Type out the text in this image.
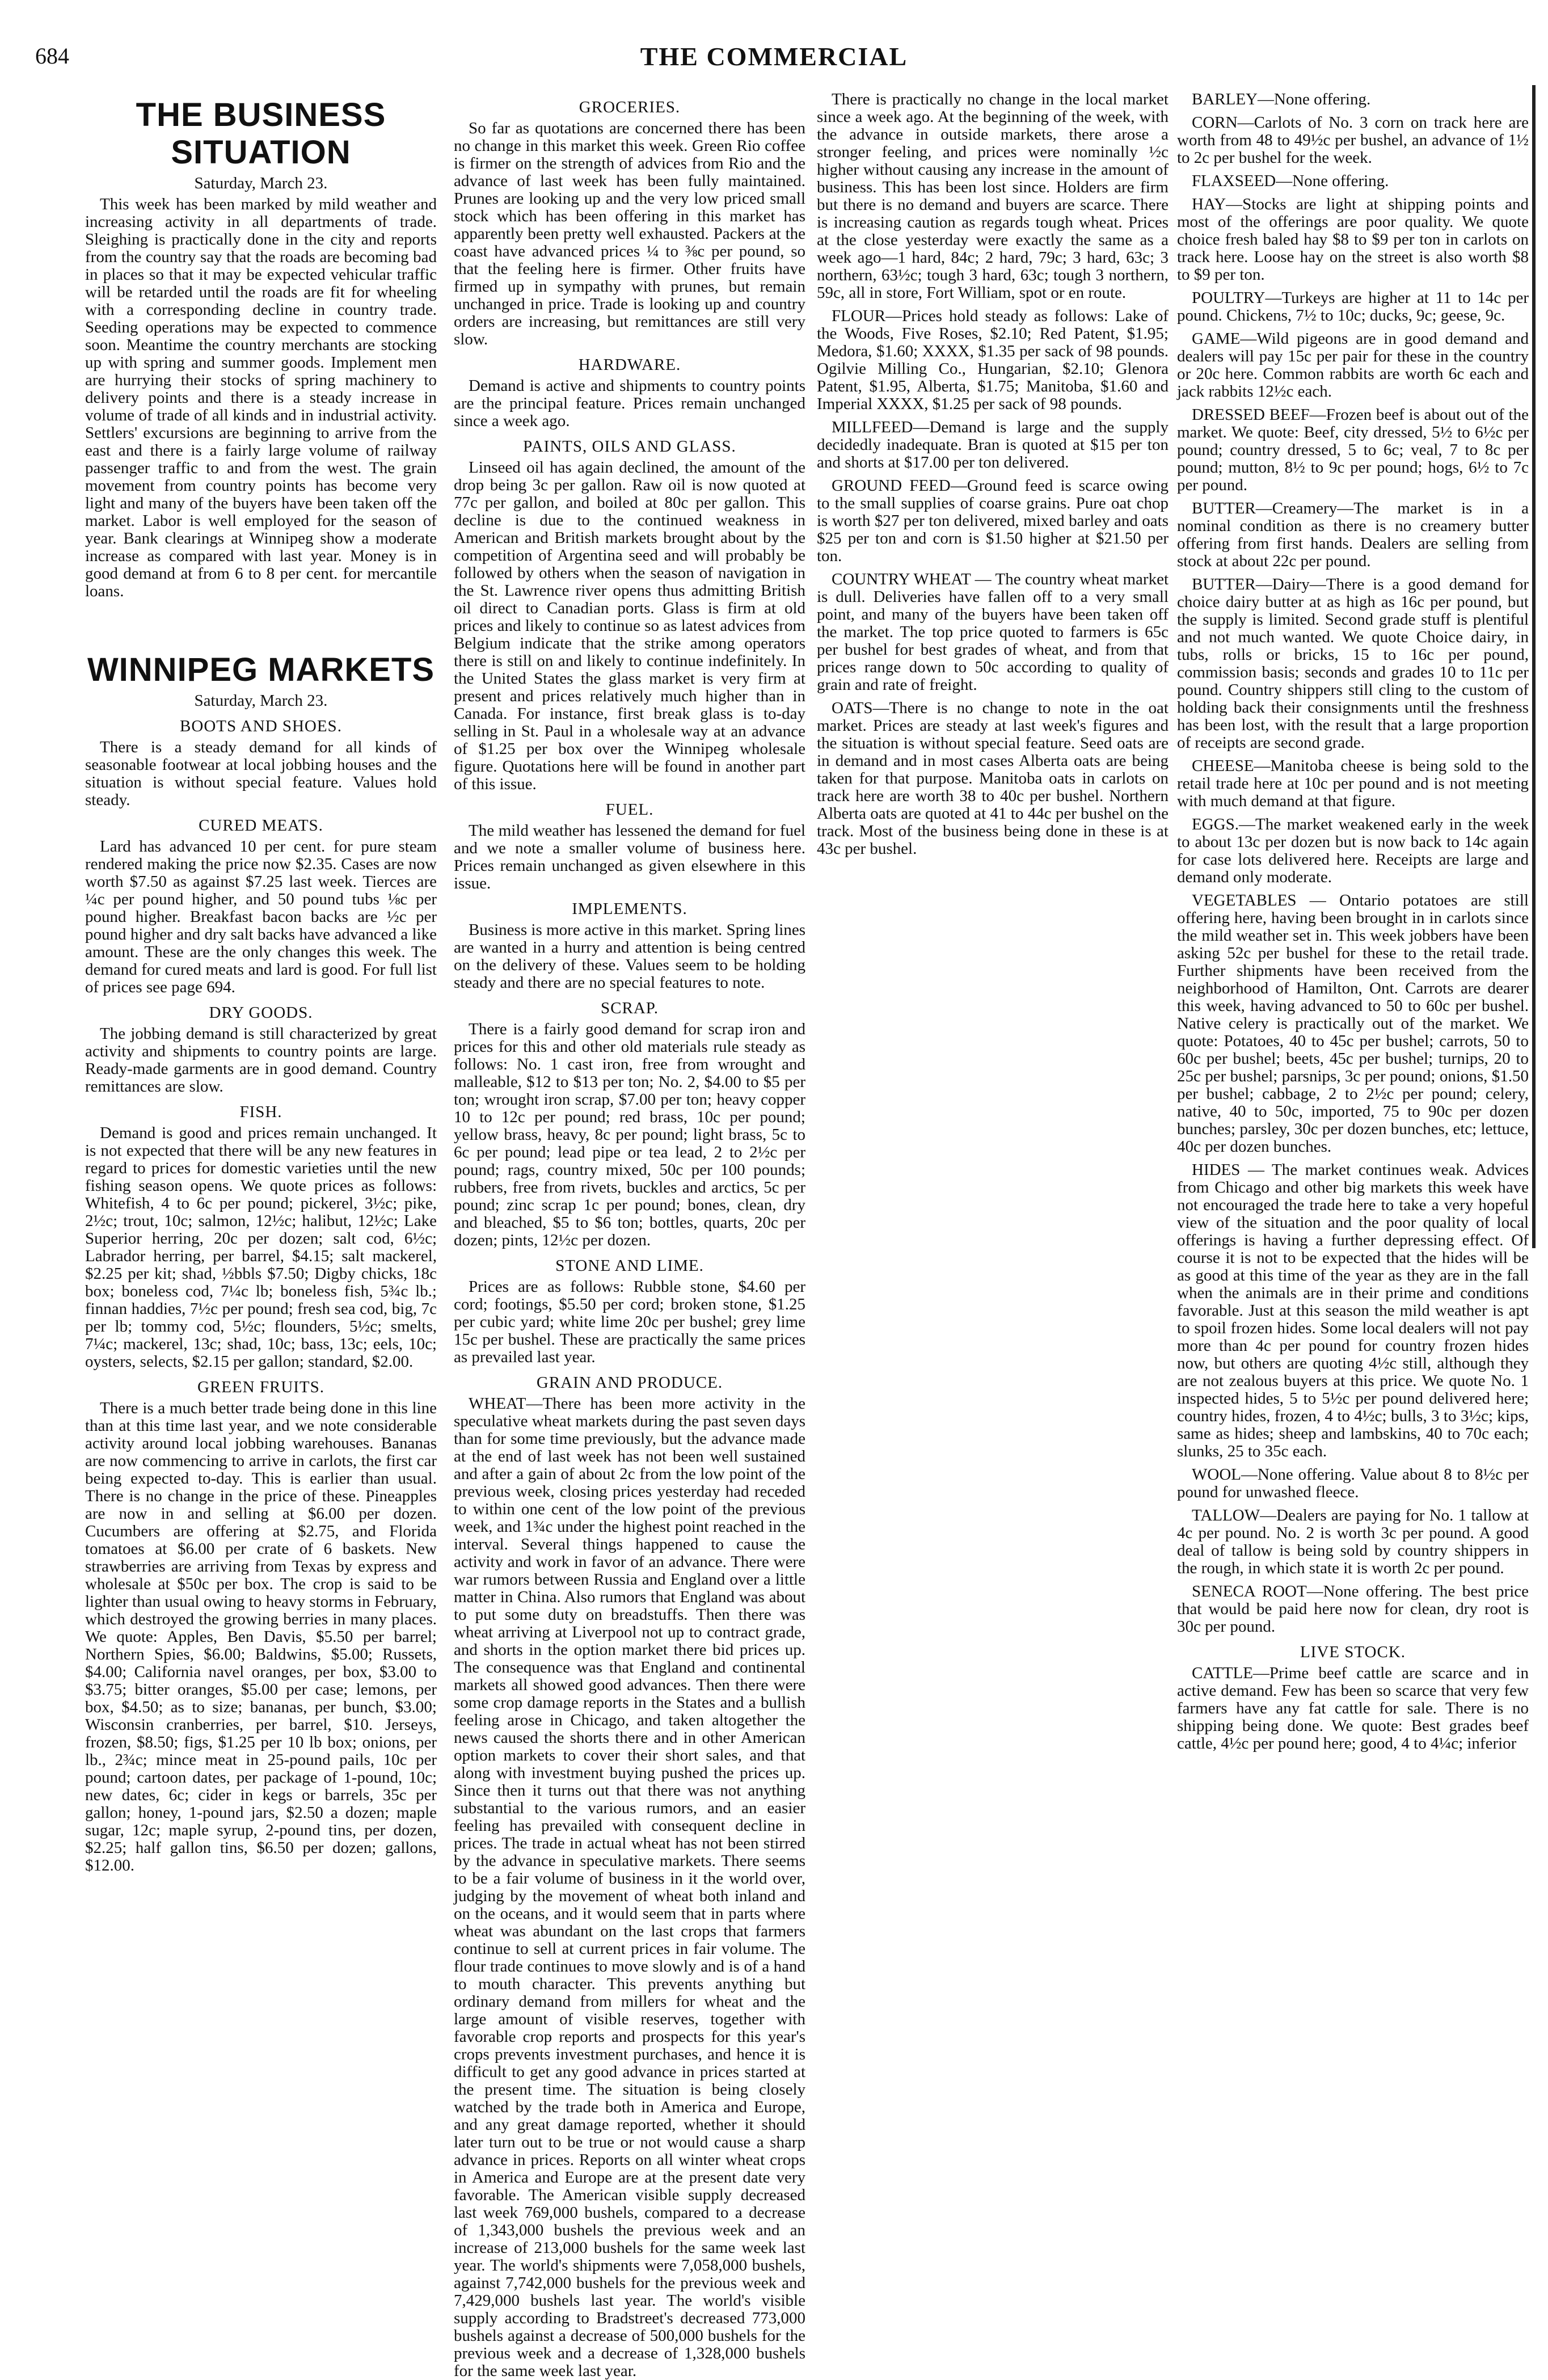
684	THE COMMERCIAL
THE BUSINESS SITUATION
Saturday, March 23.

This week has been marked by mild weather and increasing activity in all departments of trade. Sleighing is practically done in the city and reports from the country say that the roads are becoming bad in places so that it may be expected vehicular traffic will be retarded until the roads are fit for wheeling with a corresponding decline in country trade. Seeding operations may be expected to commence soon. Meantime the country merchants are stocking up with spring and summer goods. Implement men are hurrying their stocks of spring machinery to delivery points and there is a steady increase in volume of trade of all kinds and in industrial activity. Settlers' excursions are beginning to arrive from the east and there is a fairly large volume of railway passenger traffic to and from the west. The grain movement from country points has become very light and many of the buyers have been taken off the market. Labor is well employed for the season of year. Bank clearings at Winnipeg show a moderate increase as compared with last year. Money is in good demand at from 6 to 8 per cent. for mercantile loans.

WINNIPEG MARKETS
Saturday, March 23.
BOOTS AND SHOES.

There is a steady demand for all kinds of seasonable footwear at local jobbing houses and the situation is without special feature. Values hold steady.

CURED MEATS.

Lard has advanced 10 per cent. for pure steam rendered making the price now $2.35. Cases are now worth $7.50 as against $7.25 last week. Tierces are ¼c per pound higher, and 50 pound tubs ⅛c per pound higher. Breakfast bacon backs are ½c per pound higher and dry salt backs have advanced a like amount. These are the only changes this week. The demand for cured meats and lard is good. For full list of prices see page 694.

DRY GOODS.

The jobbing demand is still characterized by great activity and shipments to country points are large. Ready-made garments are in good demand. Country remittances are slow.

FISH.

Demand is good and prices remain unchanged. It is not expected that there will be any new features in regard to prices for domestic varieties until the new fishing season opens. We quote prices as follows: Whitefish, 4 to 6c per pound; pickerel, 3½c; pike, 2½c; trout, 10c; salmon, 12½c; halibut, 12½c; Lake Superior herring, 20c per dozen; salt cod, 6½c; Labrador herring, per barrel, $4.15; salt mackerel, $2.25 per kit; shad, ½bbls $7.50; Digby chicks, 18c box; boneless cod, 7¼c lb; boneless fish, 5¾c lb.; finnan haddies, 7½c per pound; fresh sea cod, big, 7c per lb; tommy cod, 5½c; flounders, 5½c; smelts, 7¼c; mackerel, 13c; shad, 10c; bass, 13c; eels, 10c; oysters, selects, $2.15 per gallon; standard, $2.00.

GREEN FRUITS.

There is a much better trade being done in this line than at this time last year, and we note considerable activity around local jobbing warehouses. Bananas are now commencing to arrive in carlots, the first car being expected to-day. This is earlier than usual. There is no change in the price of these. Pineapples are now in and selling at $6.00 per dozen. Cucumbers are offering at $2.75, and Florida tomatoes at $6.00 per crate of 6 baskets. New strawberries are arriving from Texas by express and wholesale at $50c per box. The crop is said to be lighter than usual owing to heavy storms in February, which destroyed the growing berries in many places. We quote: Apples, Ben Davis, $5.50 per barrel; Northern Spies, $6.00; Baldwins, $5.00; Russets, $4.00; California navel oranges, per box, $3.00 to $3.75; bitter oranges, $5.00 per case; lemons, per box, $4.50; as to size; bananas, per bunch, $3.00; Wisconsin cranberries, per barrel, $10. Jerseys, frozen, $8.50; figs, $1.25 per 10 lb box; onions, per lb., 2¾c; mince meat in 25-pound pails, 10c per pound; cartoon dates, per package of 1-pound, 10c; new dates, 6c; cider in kegs or barrels, 35c per gallon; honey, 1-pound jars, $2.50 a dozen; maple sugar, 12c; maple syrup, 2-pound tins, per dozen, $2.25; half gallon tins, $6.50 per dozen; gallons, $12.00.

GROCERIES.

So far as quotations are concerned there has been no change in this market this week. Green Rio coffee is firmer on the strength of advices from Rio and the advance of last week has been fully maintained. Prunes are looking up and the very low priced small stock which has been offering in this market has apparently been pretty well exhausted. Packers at the coast have advanced prices ¼ to ⅜c per pound, so that the feeling here is firmer. Other fruits have firmed up in sympathy with prunes, but remain unchanged in price. Trade is looking up and country orders are increasing, but remittances are still very slow.

HARDWARE.

Demand is active and shipments to country points are the principal feature. Prices remain unchanged since a week ago.

PAINTS, OILS AND GLASS.

Linseed oil has again declined, the amount of the drop being 3c per gallon. Raw oil is now quoted at 77c per gallon, and boiled at 80c per gallon. This decline is due to the continued weakness in American and British markets brought about by the competition of Argentina seed and will probably be followed by others when the season of navigation in the St. Lawrence river opens thus admitting British oil direct to Canadian ports. Glass is firm at old prices and likely to continue so as latest advices from Belgium indicate that the strike among operators there is still on and likely to continue indefinitely. In the United States the glass market is very firm at present and prices relatively much higher than in Canada. For instance, first break glass is to-day selling in St. Paul in a wholesale way at an advance of $1.25 per box over the Winnipeg wholesale figure. Quotations here will be found in another part of this issue.

FUEL.

The mild weather has lessened the demand for fuel and we note a smaller volume of business here. Prices remain unchanged as given elsewhere in this issue.

IMPLEMENTS.

Business is more active in this market. Spring lines are wanted in a hurry and attention is being centred on the delivery of these. Values seem to be holding steady and there are no special features to note.

SCRAP.

There is a fairly good demand for scrap iron and prices for this and other old materials rule steady as follows: No. 1 cast iron, free from wrought and malleable, $12 to $13 per ton; No. 2, $4.00 to $5 per ton; wrought iron scrap, $7.00 per ton; heavy copper 10 to 12c per pound; red brass, 10c per pound; yellow brass, heavy, 8c per pound; light brass, 5c to 6c per pound; lead pipe or tea lead, 2 to 2½c per pound; rags, country mixed, 50c per 100 pounds; rubbers, free from rivets, buckles and arctics, 5c per pound; zinc scrap 1c per pound; bones, clean, dry and bleached, $5 to $6 ton; bottles, quarts, 20c per dozen; pints, 12½c per dozen.

STONE AND LIME.

Prices are as follows: Rubble stone, $4.60 per cord; footings, $5.50 per cord; broken stone, $1.25 per cubic yard; white lime 20c per bushel; grey lime 15c per bushel. These are practically the same prices as prevailed last year.

GRAIN AND PRODUCE.

WHEAT—There has been more activity in the speculative wheat markets during the past seven days than for some time previously, but the advance made at the end of last week has not been well sustained and after a gain of about 2c from the low point of the previous week, closing prices yesterday had receded to within one cent of the low point of the previous week, and 1¾c under the highest point reached in the interval. Several things happened to cause the activity and work in favor of an advance. There were war rumors between Russia and England over a little matter in China. Also rumors that England was about to put some duty on breadstuffs. Then there was wheat arriving at Liverpool not up to contract grade, and shorts in the option market there bid prices up. The consequence was that England and continental markets all showed good advances. Then there were some crop damage reports in the States and a bullish feeling arose in Chicago, and taken altogether the news caused the shorts there and in other American option markets to cover their short sales, and that along with investment buying pushed the prices up. Since then it turns out that there was not anything substantial to the various rumors, and an easier feeling has prevailed with consequent decline in prices. The trade in actual wheat has not been stirred by the advance in speculative markets. There seems to be a fair volume of business in it the world over, judging by the movement of wheat both inland and on the oceans, and it would seem that in parts where wheat was abundant on the last crops that farmers continue to sell at current prices in fair volume. The flour trade continues to move slowly and is of a hand to mouth character. This prevents anything but ordinary demand from millers for wheat and the large amount of visible reserves, together with favorable crop reports and prospects for this year's crops prevents investment purchases, and hence it is difficult to get any good advance in prices started at the present time. The situation is being closely watched by the trade both in America and Europe, and any great damage reported, whether it should later turn out to be true or not would cause a sharp advance in prices. Reports on all winter wheat crops in America and Europe are at the present date very favorable. The American visible supply decreased last week 769,000 bushels, compared to a decrease of 1,343,000 bushels the previous week and an increase of 213,000 bushels for the same week last year. The world's shipments were 7,058,000 bushels, against 7,742,000 bushels for the previous week and 7,429,000 bushels last year. The world's visible supply according to Bradstreet's decreased 773,000 bushels against a decrease of 500,000 bushels for the previous week and a decrease of 1,328,000 bushels for the same week last year.

There is practically no change in the local market since a week ago. At the beginning of the week, with the advance in outside markets, there arose a stronger feeling, and prices were nominally ½c higher without causing any increase in the amount of business. This has been lost since. Holders are firm but there is no demand and buyers are scarce. There is increasing caution as regards tough wheat. Prices at the close yesterday were exactly the same as a week ago—1 hard, 84c; 2 hard, 79c; 3 hard, 63c; 3 northern, 63½c; tough 3 hard, 63c; tough 3 northern, 59c, all in store, Fort William, spot or en route.

FLOUR—Prices hold steady as follows: Lake of the Woods, Five Roses, $2.10; Red Patent, $1.95; Medora, $1.60; XXXX, $1.35 per sack of 98 pounds. Ogilvie Milling Co., Hungarian, $2.10; Glenora Patent, $1.95, Alberta, $1.75; Manitoba, $1.60 and Imperial XXXX, $1.25 per sack of 98 pounds.

MILLFEED—Demand is large and the supply decidedly inadequate. Bran is quoted at $15 per ton and shorts at $17.00 per ton delivered.

GROUND FEED—Ground feed is scarce owing to the small supplies of coarse grains. Pure oat chop is worth $27 per ton delivered, mixed barley and oats $25 per ton and corn is $1.50 higher at $21.50 per ton.

COUNTRY WHEAT — The country wheat market is dull. Deliveries have fallen off to a very small point, and many of the buyers have been taken off the market. The top price quoted to farmers is 65c per bushel for best grades of wheat, and from that prices range down to 50c according to quality of grain and rate of freight.

OATS—There is no change to note in the oat market. Prices are steady at last week's figures and the situation is without special feature. Seed oats are in demand and in most cases Alberta oats are being taken for that purpose. Manitoba oats in carlots on track here are worth 38 to 40c per bushel. Northern Alberta oats are quoted at 41 to 44c per bushel on the track. Most of the business being done in these is at 43c per bushel.

BARLEY—None offering.

CORN—Carlots of No. 3 corn on track here are worth from 48 to 49½c per bushel, an advance of 1½ to 2c per bushel for the week.

FLAXSEED—None offering.

HAY—Stocks are light at shipping points and most of the offerings are poor quality. We quote choice fresh baled hay $8 to $9 per ton in carlots on track here. Loose hay on the street is also worth $8 to $9 per ton.

POULTRY—Turkeys are higher at 11 to 14c per pound. Chickens, 7½ to 10c; ducks, 9c; geese, 9c.

GAME—Wild pigeons are in good demand and dealers will pay 15c per pair for these in the country or 20c here. Common rabbits are worth 6c each and jack rabbits 12½c each.

DRESSED BEEF—Frozen beef is about out of the market. We quote: Beef, city dressed, 5½ to 6½c per pound; country dressed, 5 to 6c; veal, 7 to 8c per pound; mutton, 8½ to 9c per pound; hogs, 6½ to 7c per pound.

BUTTER—Creamery—The market is in a nominal condition as there is no creamery butter offering from first hands. Dealers are selling from stock at about 22c per pound.

BUTTER—Dairy—There is a good demand for choice dairy butter at as high as 16c per pound, but the supply is limited. Second grade stuff is plentiful and not much wanted. We quote Choice dairy, in tubs, rolls or bricks, 15 to 16c per pound, commission basis; seconds and grades 10 to 11c per pound. Country shippers still cling to the custom of holding back their consignments until the freshness has been lost, with the result that a large proportion of receipts are second grade.

CHEESE—Manitoba cheese is being sold to the retail trade here at 10c per pound and is not meeting with much demand at that figure.

EGGS.—The market weakened early in the week to about 13c per dozen but is now back to 14c again for case lots delivered here. Receipts are large and demand only moderate.

VEGETABLES — Ontario potatoes are still offering here, having been brought in in carlots since the mild weather set in. This week jobbers have been asking 52c per bushel for these to the retail trade. Further shipments have been received from the neighborhood of Hamilton, Ont. Carrots are dearer this week, having advanced to 50 to 60c per bushel. Native celery is practically out of the market. We quote: Potatoes, 40 to 45c per bushel; carrots, 50 to 60c per bushel; beets, 45c per bushel; turnips, 20 to 25c per bushel; parsnips, 3c per pound; onions, $1.50 per bushel; cabbage, 2 to 2½c per pound; celery, native, 40 to 50c, imported, 75 to 90c per dozen bunches; parsley, 30c per dozen bunches, etc; lettuce, 40c per dozen bunches.

HIDES — The market continues weak. Advices from Chicago and other big markets this week have not encouraged the trade here to take a very hopeful view of the situation and the poor quality of local offerings is having a further depressing effect. Of course it is not to be expected that the hides will be as good at this time of the year as they are in the fall when the animals are in their prime and conditions favorable. Just at this season the mild weather is apt to spoil frozen hides. Some local dealers will not pay more than 4c per pound for country frozen hides now, but others are quoting 4½c still, although they are not zealous buyers at this price. We quote No. 1 inspected hides, 5 to 5½c per pound delivered here; country hides, frozen, 4 to 4½c; bulls, 3 to 3½c; kips, same as hides; sheep and lambskins, 40 to 70c each; slunks, 25 to 35c each.

WOOL—None offering. Value about 8 to 8½c per pound for unwashed fleece.

TALLOW—Dealers are paying for No. 1 tallow at 4c per pound. No. 2 is worth 3c per pound. A good deal of tallow is being sold by country shippers in the rough, in which state it is worth 2c per pound.

SENECA ROOT—None offering. The best price that would be paid here now for clean, dry root is 30c per pound.

LIVE STOCK.

CATTLE—Prime beef cattle are scarce and in active demand. Few has been so scarce that very few farmers have any fat cattle for sale. There is no shipping being done. We quote: Best grades beef cattle, 4½c per pound here; good, 4 to 4¼c; inferior
